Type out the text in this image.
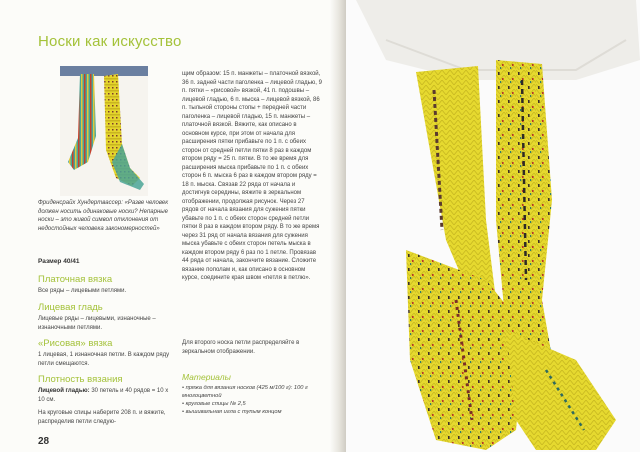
Носки как искусство
Фриденсрайх Хундертвассер: «Разве человек должен носить одинаковые носки? Непарные носки – это живой символ отклонения от недостойных человека закономерностей»
Размер 40/41
Платочная вязка
Все ряды – лицевыми петлями.
Лицевая гладь
Лицевые ряды – лицевыми, изнаночные – изнаночными петлями.
«Рисовая» вязка
1 лицевая, 1 изнаночная петли. В каждом ряду петли смещаются.
Плотность вязания
Лицевой гладью: 30 петель и 40 рядов = 10 x 10 см.
На круговые спицы наберите 208 п. и вяжите, распределив петли следую-
щим образом: 15 п. манжеты – платочной вязкой, 36 п. задней части паголенка – лицевой гладью, 9 п. пятки – «рисовой» вязкой, 41 п. подошвы – лицевой гладью, 6 п. мыска – лицевой вязкой, 86 п. тыльной стороны стопы + передней части паголенка – лицевой гладью, 15 п. манжеты – платочной вязкой. Вяжите, как описано в основном курсе, при этом от начала для расширения пятки прибавьте по 1 п. с обеих сторон от средней петли пятки 8 раз в каждом втором ряду = 25 п. пятки. В то же время для расширения мыска прибавьте по 1 п. с обеих сторон 6 п. мыска 6 раз в каждом втором ряду = 18 п. мыска. Связав 22 ряда от начала и достигнув середины, вяжите в зеркальном отображении, продолжая рисунок. Через 27 рядов от начала вязания для сужения пятки убавьте по 1 п. с обеих сторон средней петли пятки 8 раз в каждом втором ряду. В то же время через 31 ряд от начала вязания для сужения мыска убавьте с обеих сторон петель мыска в каждом втором ряду 6 раз по 1 петле. Провязав 44 ряда от начала, закончите вязание. Сложите вязание пополам и, как описано в основном курсе, соедините края швом «петля в петлю».
Для второго носка петли распределяйте в зеркальном отображении.
Материалы
• пряжа для вязания носков (425 м/100 г): 100 г многоцветной
• круговые спицы № 2,5
• вышивальная игла с тупым концом
28
